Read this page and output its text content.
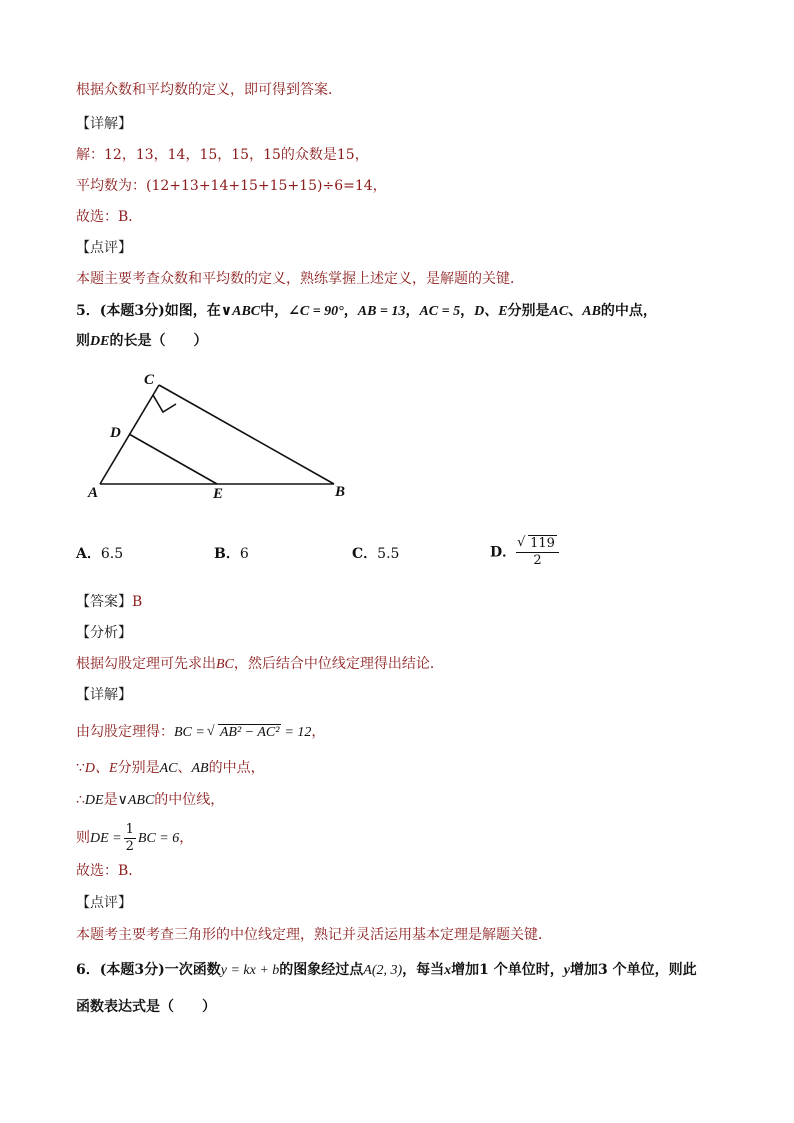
根据众数和平均数的定义，即可得到答案．
【详解】
解：12，13，14，15，15，15的众数是15，
平均数为：(12+13+14+15+15+15)÷6=14，
故选：B．
【点评】
本题主要考查众数和平均数的定义，熟练掌握上述定义，是解题的关键．
5．(本题3分)如图，在∨ABC中，∠C = 90°，AB = 13，AC = 5，D、E分别是AC、AB的中点，
则DE的长是（　　）
C
D
A	E	B
A．6.5	B．6	C．5.5	D． √ $\frac{119}{2}$
【答案】B
【分析】
根据勾股定理可先求出BC，然后结合中位线定理得出结论．
【详解】
由勾股定理得：BC = √ AB² − AC² = 12，
∵D、E分别是AC、AB的中点，
∴DE是∨ABC的中位线，
则DE = $\frac{1}{2}$ BC = 6，
故选：B．
【点评】
本题考主要考查三角形的中位线定理，熟记并灵活运用基本定理是解题关键．
6．(本题3分)一次函数y = kx + b的图象经过点A(2, 3)，每当x增加1 个单位时，y增加3 个单位，则此
函数表达式是（　　）
